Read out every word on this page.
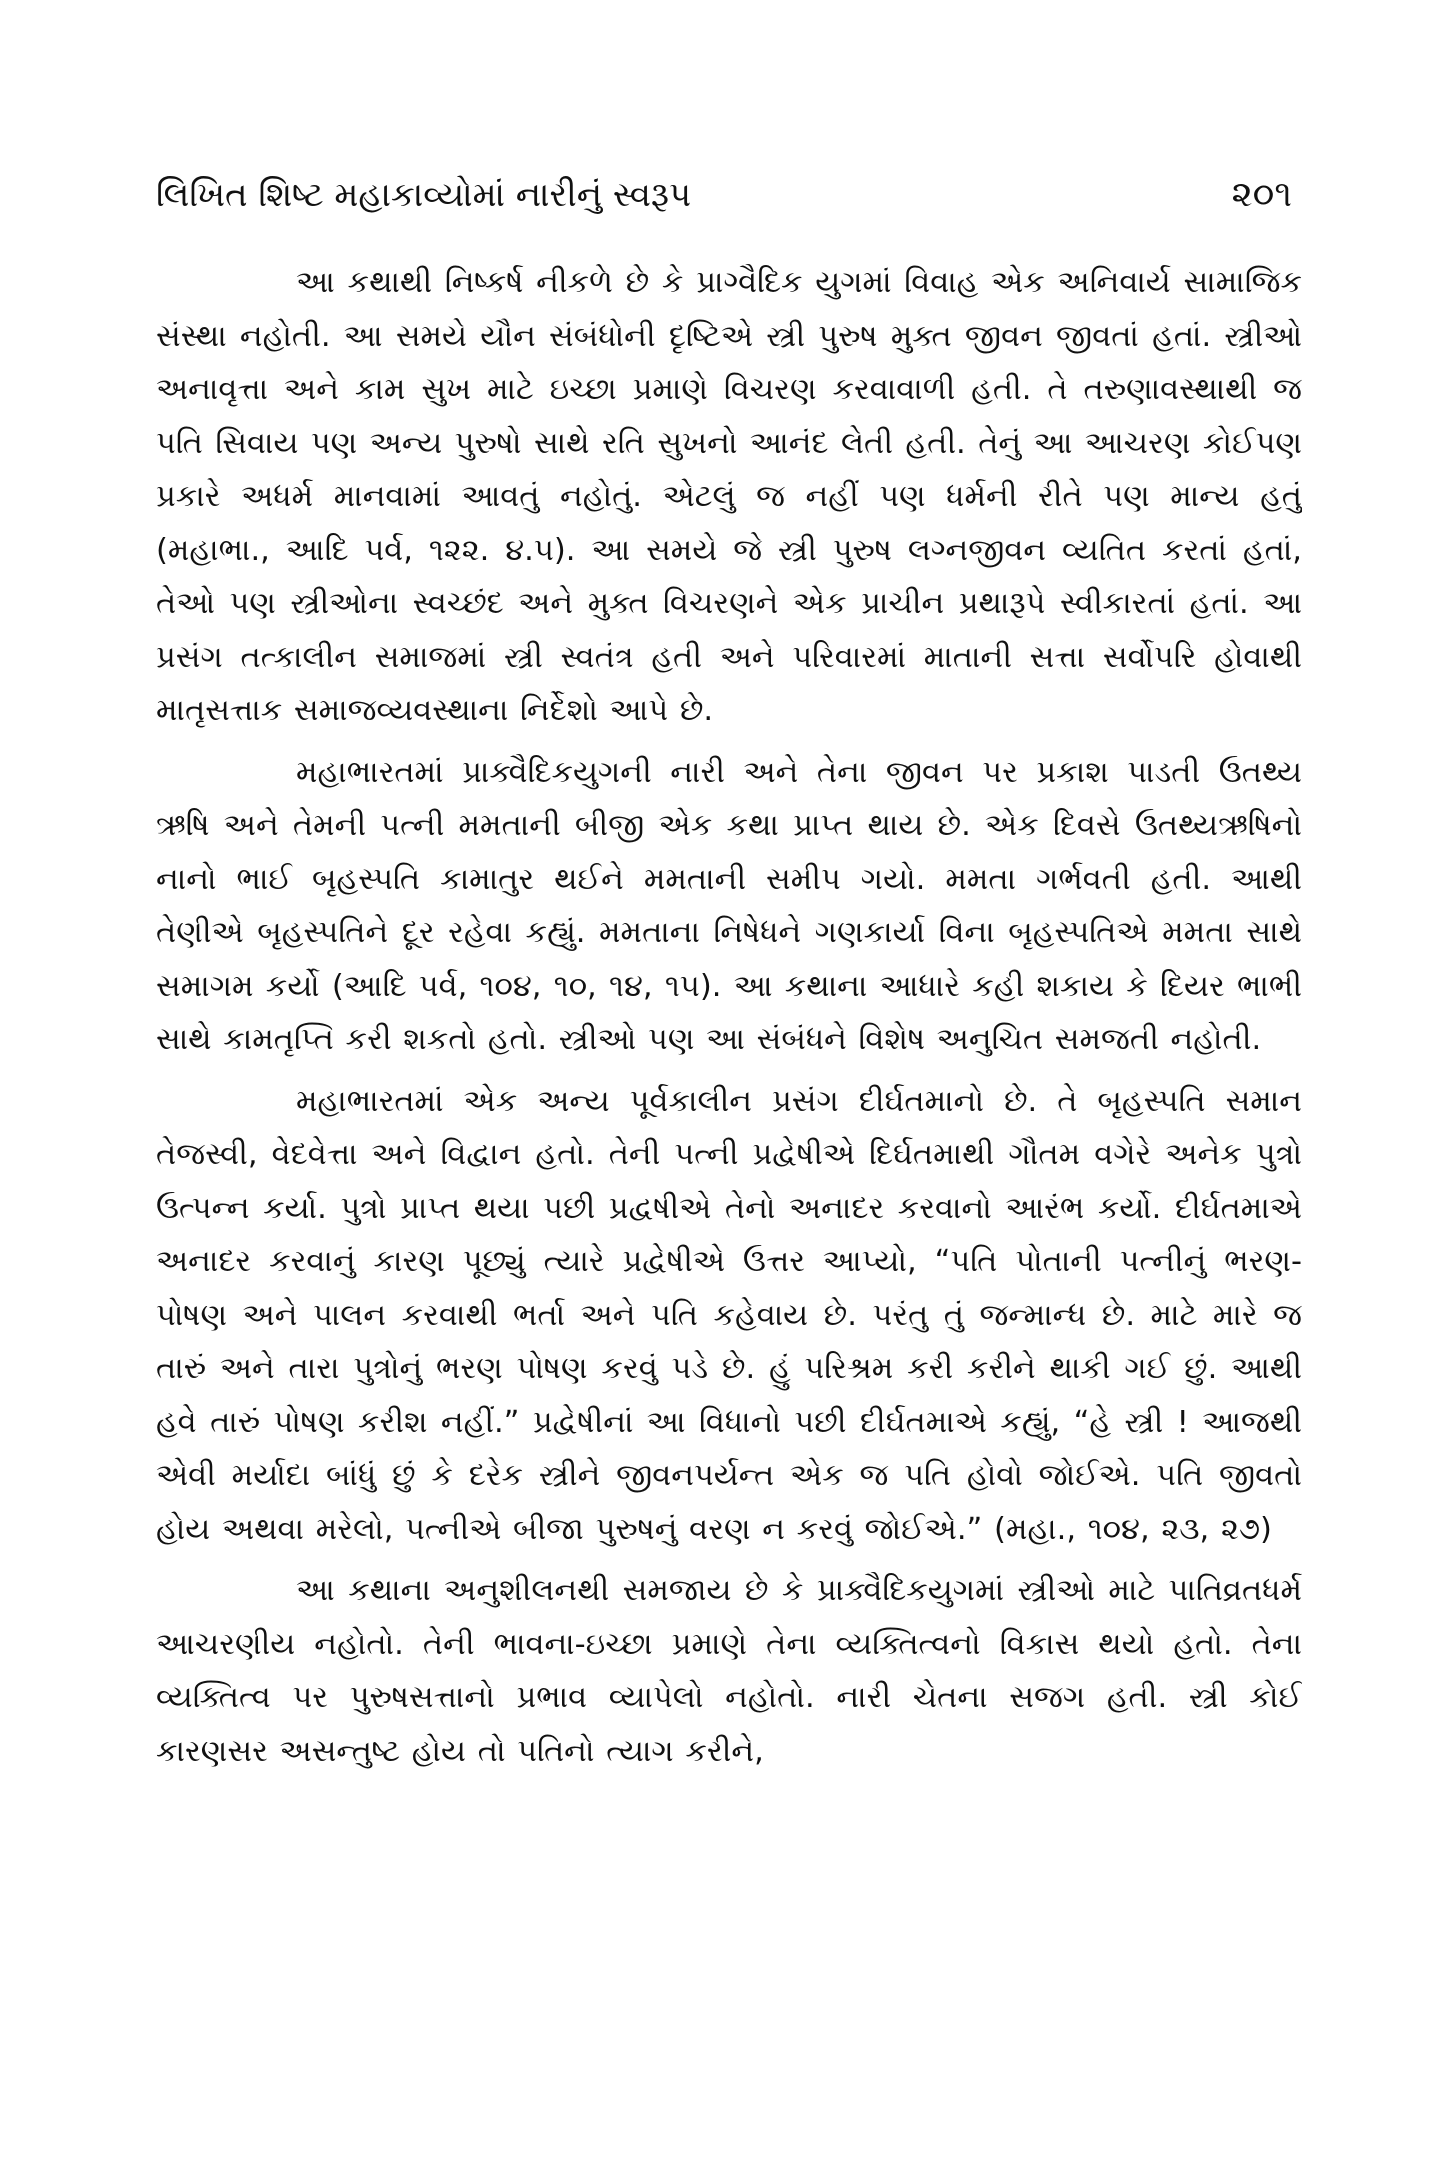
લિખિત શિષ્ટ મહાકાવ્યોમાં નારીનું સ્વરૂપ	૨૦૧

આ કથાથી નિષ્કર્ષ નીકળે છે કે પ્રાગ્વૈદિક યુગમાં વિવાહ એક અનિવાર્ય સામાજિક સંસ્થા નહોતી. આ સમયે યૌન સંબંધોની દૃષ્ટિએ સ્ત્રી પુરુષ મુક્ત જીવન જીવતાં હતાં. સ્ત્રીઓ અનાવૃત્તા અને કામ સુખ માટે ઇચ્છા પ્રમાણે વિચરણ કરવાવાળી હતી. તે તરુણાવસ્થાથી જ પતિ સિવાય પણ અન્ય પુરુષો સાથે રતિ સુખનો આનંદ લેતી હતી. તેનું આ આચરણ કોઈપણ પ્રકારે અધર્મ માનવામાં આવતું નહોતું. એટલું જ નહીં પણ ધર્મની રીતે પણ માન્ય હતું (મહાભા., આદિ પર્વ, ૧૨૨. ૪.૫). આ સમયે જે સ્ત્રી પુરુષ લગ્નજીવન વ્યતિત કરતાં હતાં, તેઓ પણ સ્ત્રીઓના સ્વચ્છંદ અને મુક્ત વિચરણને એક પ્રાચીન પ્રથારૂપે સ્વીકારતાં હતાં. આ પ્રસંગ તત્કાલીન સમાજમાં સ્ત્રી સ્વતંત્ર હતી અને પરિવારમાં માતાની સત્તા સર્વોપરિ હોવાથી માતૃસત્તાક સમાજવ્યવસ્થાના નિર્દેશો આપે છે.

મહાભારતમાં પ્રાક્વૈદિકયુગની નારી અને તેના જીવન પર પ્રકાશ પાડતી ઉતથ્ય ઋષિ અને તેમની પત્ની મમતાની બીજી એક કથા પ્રાપ્ત થાય છે. એક દિવસે ઉતથ્યઋષિનો નાનો ભાઈ બૃહસ્પતિ કામાતુર થઈને મમતાની સમીપ ગયો. મમતા ગર્ભવતી હતી. આથી તેણીએ બૃહસ્પતિને દૂર રહેવા કહ્યું. મમતાના નિષેધને ગણકાર્યા વિના બૃહસ્પતિએ મમતા સાથે સમાગમ કર્યો (આદિ પર્વ, ૧૦૪, ૧૦, ૧૪, ૧૫). આ કથાના આધારે કહી શકાય કે દિયર ભાભી સાથે કામતૃપ્તિ કરી શકતો હતો. સ્ત્રીઓ પણ આ સંબંધને વિશેષ અનુચિત સમજતી નહોતી.

મહાભારતમાં એક અન્ય પૂર્વકાલીન પ્રસંગ દીર્ઘતમાનો છે. તે બૃહસ્પતિ સમાન તેજસ્વી, વેદવેત્તા અને વિદ્વાન હતો. તેની પત્ની પ્રદ્વેષીએ દિર્ઘતમાથી ગૌતમ વગેરે અનેક પુત્રો ઉત્પન્ન કર્યા. પુત્રો પ્રાપ્ત થયા પછી પ્રદ્વષીએ તેનો અનાદર કરવાનો આરંભ કર્યો. દીર્ઘતમાએ અનાદર કરવાનું કારણ પૂછ્યું ત્યારે પ્રદ્વેષીએ ઉત્તર આપ્યો, “પતિ પોતાની પત્નીનું ભરણ-પોષણ અને પાલન કરવાથી ભર્તા અને પતિ કહેવાય છે. પરંતુ તું જન્માન્ધ છે. માટે મારે જ તારું અને તારા પુત્રોનું ભરણ પોષણ કરવું પડે છે. હું પરિશ્રમ કરી કરીને થાકી ગઈ છું. આથી હવે તારું પોષણ કરીશ નહીં.” પ્રદ્વેષીનાં આ વિધાનો પછી દીર્ઘતમાએ કહ્યું, “હે સ્ત્રી ! આજથી એવી મર્યાદા બાંધું છું કે દરેક સ્ત્રીને જીવનપર્યન્ત એક જ પતિ હોવો જોઈએ. પતિ જીવતો હોય અથવા મરેલો, પત્નીએ બીજા પુરુષનું વરણ ન કરવું જોઈએ.” (મહા., ૧૦૪, ૨૩, ૨૭)

આ કથાના અનુશીલનથી સમજાય છે કે પ્રાક્વૈદિકયુગમાં સ્ત્રીઓ માટે પાતિવ્રતધર્મ આચરણીય નહોતો. તેની ભાવના-ઇચ્છા પ્રમાણે તેના વ્યક્તિત્વનો વિકાસ થયો હતો. તેના વ્યક્તિત્વ પર પુરુષસત્તાનો પ્રભાવ વ્યાપેલો નહોતો. નારી ચેતના સજગ હતી. સ્ત્રી કોઈ કારણસર અસન્તુષ્ટ હોય તો પતિનો ત્યાગ કરીને,
